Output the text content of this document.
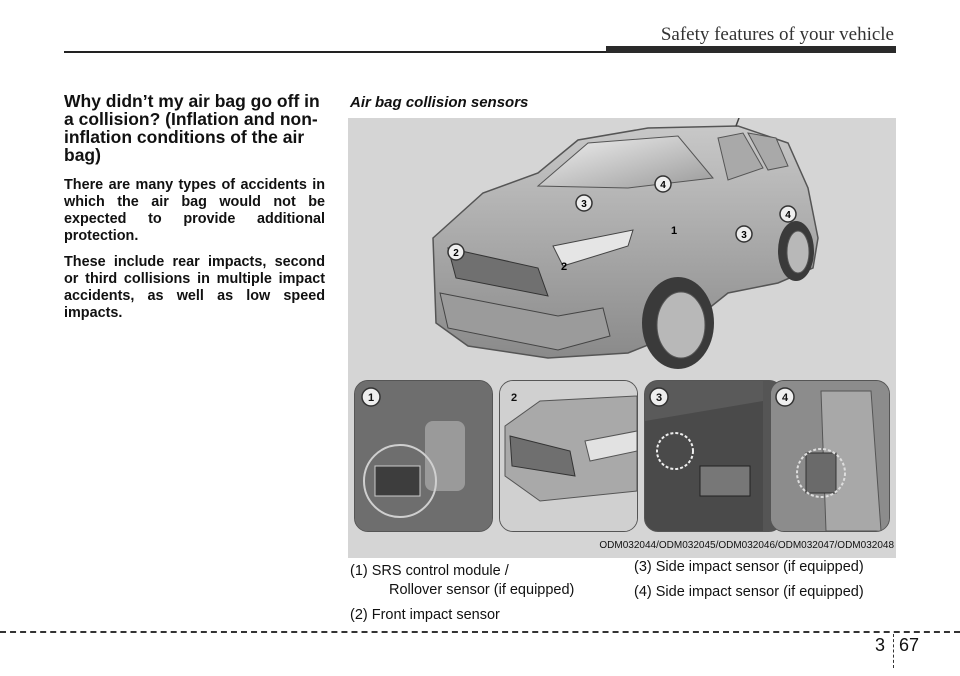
Safety features of your vehicle
Why didn’t my air bag go off in a collision? (Inflation and non-inflation conditions of the air bag)

There are many types of accidents in which the air bag would not be expected to provide additional protection.

These include rear impacts, second or third collisions in multiple impact accidents, as well as low speed impacts.

Air bag collision sensors
4
3
4
3
1
2
2
1	2	3	4
ODM032044/ODM032045/ODM032046/ODM032047/ODM032048
(1) SRS control module /
Rollover sensor (if equipped)
(2) Front impact sensor
(3) Side impact sensor (if equipped)
(4) Side impact sensor (if equipped)
3 67
